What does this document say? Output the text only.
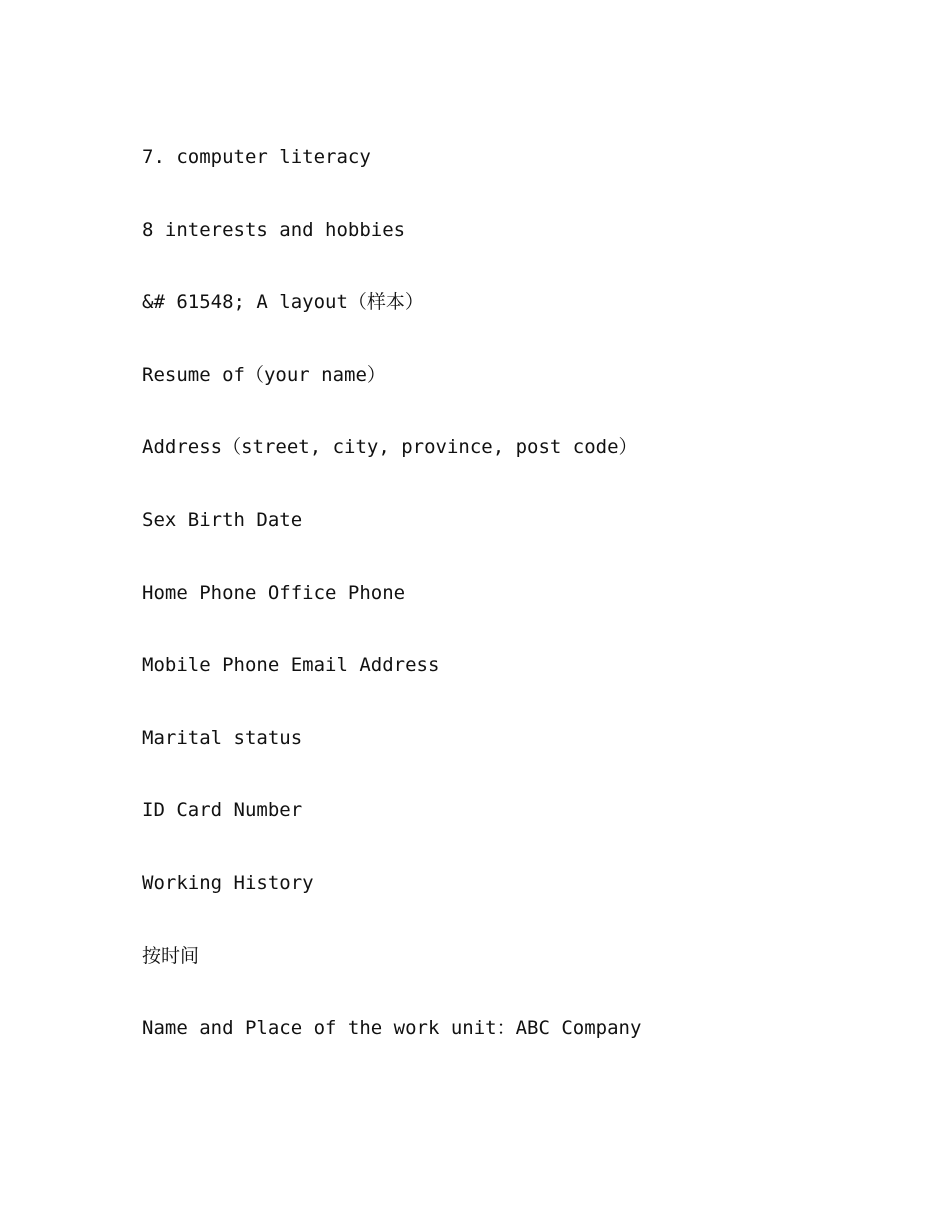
7. computer literacy
8 interests and hobbies
&# 61548; A layout（样本）
Resume of（your name）
Address（street, city, province, post code）
Sex Birth Date
Home Phone Office Phone
Mobile Phone Email Address
Marital status
ID Card Number
Working History
按时间
Name and Place of the work unit：ABC Company
